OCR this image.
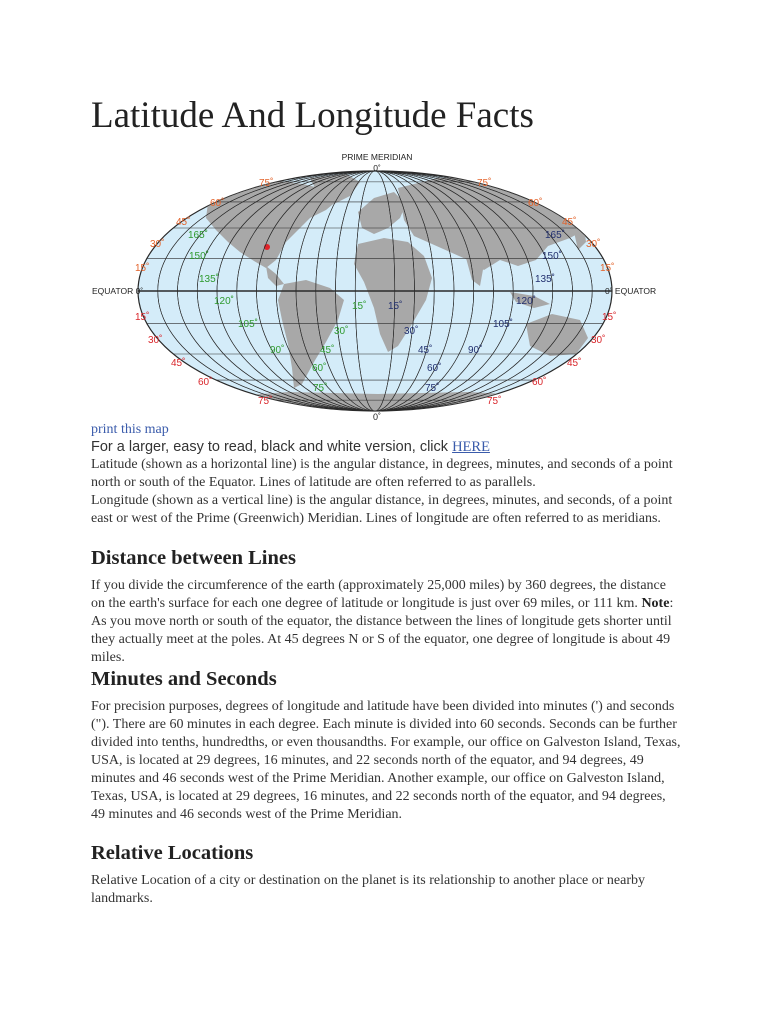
Latitude And Longitude Facts
PRIME MERIDIAN
0˚
0˚
EQUATOR 0˚	0˚ EQUATOR
75˚
60˚
45˚
30˚
15˚
75˚
60˚
45˚
30˚
15˚
15˚
30˚
45˚
60˚
75˚
15˚
30˚
45˚
60˚
75˚
165˚
150˚
135˚
120˚
105˚
90˚	45˚
60˚
75˚
30˚
15˚
165˚
150˚
135˚
120˚
105˚
90˚
45˚
60˚
75˚
30˚
15˚
print this map
For a larger, easy to read, black and white version, click HERE

Latitude (shown as a horizontal line) is the angular distance, in degrees, minutes, and seconds of a point north or south of the Equator. Lines of latitude are often referred to as parallels.

Longitude (shown as a vertical line) is the angular distance, in degrees, minutes, and seconds, of a point east or west of the Prime (Greenwich) Meridian. Lines of longitude are often referred to as meridians.

Distance between Lines

If you divide the circumference of the earth (approximately 25,000 miles) by 360 degrees, the distance on the earth's surface for each one degree of latitude or longitude is just over 69 miles, or 111 km. Note: As you move north or south of the equator, the distance between the lines of longitude gets shorter until they actually meet at the poles. At 45 degrees N or S of the equator, one degree of longitude is about 49 miles.

Minutes and Seconds

For precision purposes, degrees of longitude and latitude have been divided into minutes (') and seconds ("). There are 60 minutes in each degree. Each minute is divided into 60 seconds. Seconds can be further divided into tenths, hundredths, or even thousandths. For example, our office on Galveston Island, Texas, USA, is located at 29 degrees, 16 minutes, and 22 seconds north of the equator, and 94 degrees, 49 minutes and 46 seconds west of the Prime Meridian. Another example, our office on Galveston Island, Texas, USA, is located at 29 degrees, 16 minutes, and 22 seconds north of the equator, and 94 degrees, 49 minutes and 46 seconds west of the Prime Meridian.

Relative Locations

Relative Location of a city or destination on the planet is its relationship to another place or nearby landmarks.
